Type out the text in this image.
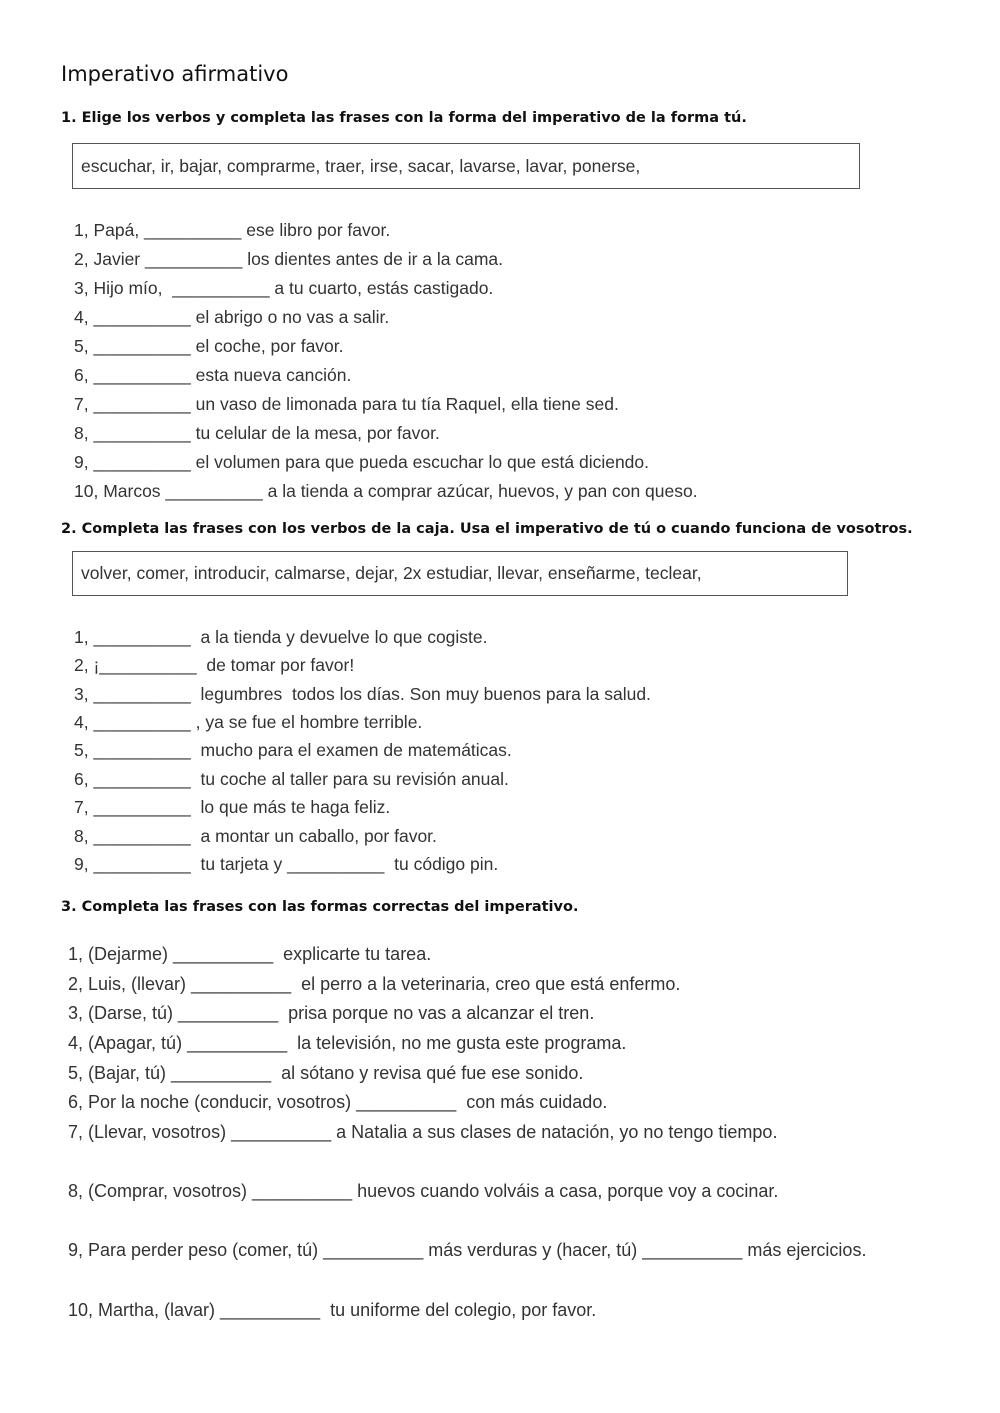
Imperativo afirmativo
1. Elige los verbos y completa las frases con la forma del imperativo de la forma tú.
escuchar, ir, bajar, comprarme, traer, irse, sacar, lavarse, lavar, ponerse,
1, Papá, __________ ese libro por favor.
2, Javier __________ los dientes antes de ir a la cama.
3, Hijo mío,  __________ a tu cuarto, estás castigado.
4, __________ el abrigo o no vas a salir.
5, __________ el coche, por favor.
6, __________ esta nueva canción.
7, __________ un vaso de limonada para tu tía Raquel, ella tiene sed.
8, __________ tu celular de la mesa, por favor.
9, __________ el volumen para que pueda escuchar lo que está diciendo.
10, Marcos __________ a la tienda a comprar azúcar, huevos, y pan con queso.
2. Completa las frases con los verbos de la caja. Usa el imperativo de tú o cuando funciona de vosotros.
volver, comer, introducir, calmarse, dejar, 2x estudiar, llevar, enseñarme, teclear,
1, __________  a la tienda y devuelve lo que cogiste.
2, ¡__________  de tomar por favor!
3, __________  legumbres  todos los días. Son muy buenos para la salud.
4, __________ , ya se fue el hombre terrible.
5, __________  mucho para el examen de matemáticas.
6, __________  tu coche al taller para su revisión anual.
7, __________  lo que más te haga feliz.
8, __________  a montar un caballo, por favor.
9, __________  tu tarjeta y __________  tu código pin.
3. Completa las frases con las formas correctas del imperativo.
1, (Dejarme) __________  explicarte tu tarea.
2, Luis, (llevar) __________  el perro a la veterinaria, creo que está enfermo.
3, (Darse, tú) __________  prisa porque no vas a alcanzar el tren.
4, (Apagar, tú) __________  la televisión, no me gusta este programa.
5, (Bajar, tú) __________  al sótano y revisa qué fue ese sonido.
6, Por la noche (conducir, vosotros) __________  con más cuidado.
7, (Llevar, vosotros) __________ a Natalia a sus clases de natación, yo no tengo tiempo.
8, (Comprar, vosotros) __________ huevos cuando volváis a casa, porque voy a cocinar.
9, Para perder peso (comer, tú) __________ más verduras y (hacer, tú) __________ más ejercicios.
10, Martha, (lavar) __________  tu uniforme del colegio, por favor.
